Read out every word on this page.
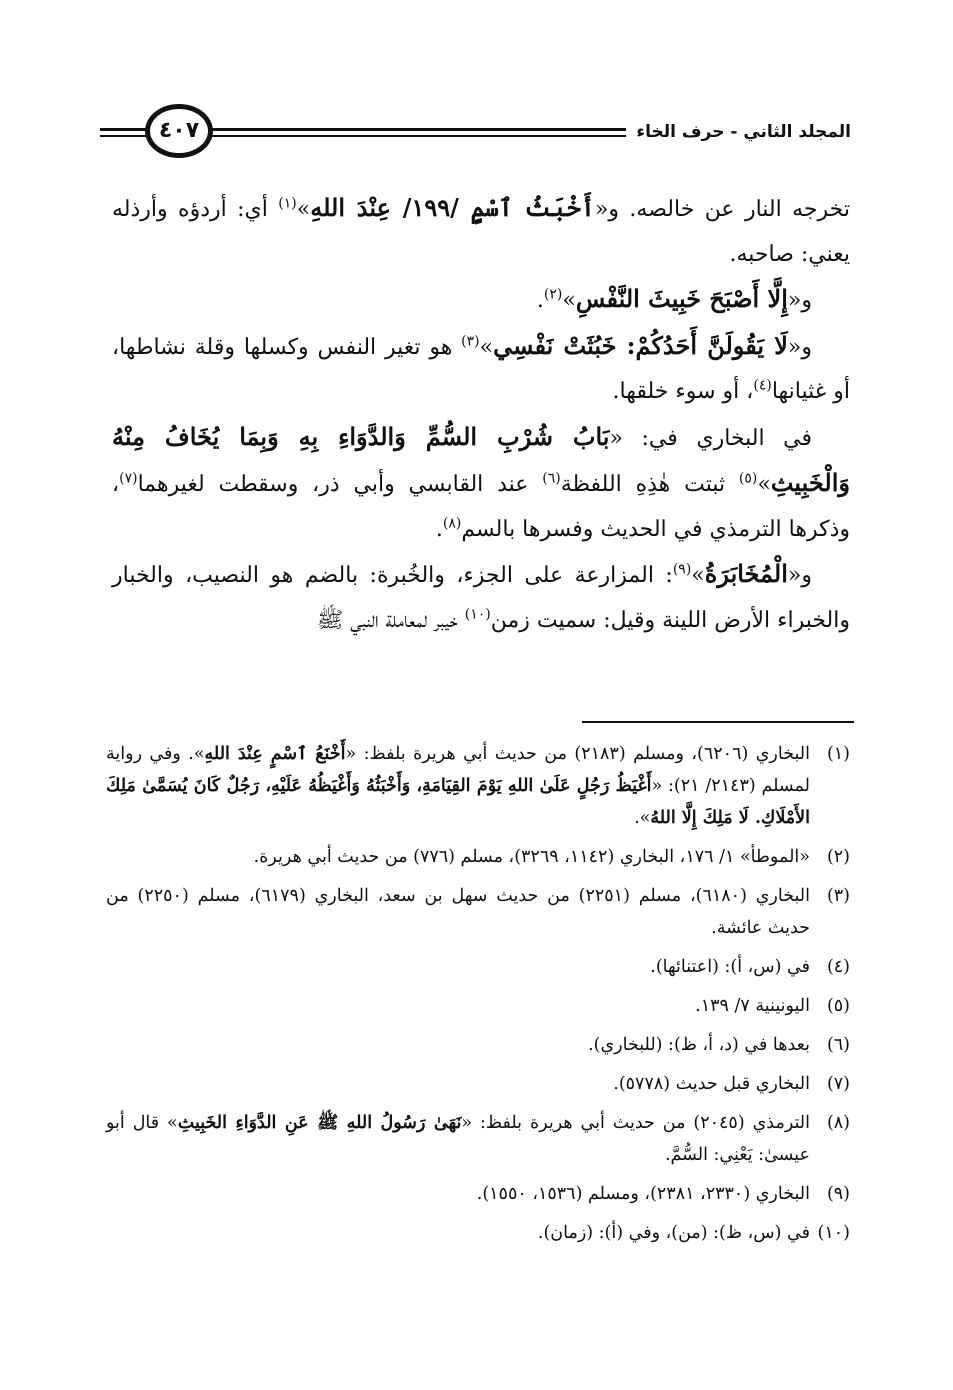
المجلد الثاني - حرف الخاء
٤٠٧

تخرجه النار عن خالصه. و«أَخْبَثُ ٱسْمٍ /١٩٩/ عِنْدَ اللهِ»$^{(١)}$ أي: أردؤه وأرذله يعني: صاحبه.

و«إِلَّا أَصْبَحَ خَبِيثَ النَّفْسِ»$^{(٢)}$.

و«لَا يَقُولَنَّ أَحَدُكُمْ: خَبُثَتْ نَفْسِي»$^{(٣)}$ هو تغير النفس وكسلها وقلة نشاطها، أو غثيانها$^{(٤)}$، أو سوء خلقها.

في البخاري في: «بَابُ شُرْبِ السُّمِّ وَالدَّوَاءِ بِهِ وَبِمَا يُخَافُ مِنْهُ وَالْخَبِيثِ»$^{(٥)}$ ثبتت هٰذِهِ اللفظة$^{(٦)}$ عند القابسي وأبي ذر، وسقطت لغيرهما$^{(٧)}$، وذكرها الترمذي في الحديث وفسرها بالسم$^{(٨)}$.

و«الْمُخَابَرَةُ»$^{(٩)}$: المزارعة على الجزء، والخُبرة: بالضم هو النصيب، والخبار والخبراء الأرض اللينة وقيل: سميت زمن$^{(١٠)}$ خيبر لمعاملة النبي ﷺ

(١)
البخاري (٦٢٠٦)، ومسلم (٢١٨٣) من حديث أبي هريرة بلفظ: «أَخْنَعُ ٱسْمٍ عِنْدَ اللهِ». وفي رواية لمسلم (٢١٤٣/ ٢١): «أَغْيَظُ رَجُلٍ عَلَىٰ اللهِ يَوْمَ القِيَامَةِ، وَأَخْبَثُهُ وَأَغْيَظُهُ عَلَيْهِ، رَجُلٌ كَانَ يُسَمَّىٰ مَلِكَ الأَمْلَاكِ. لَا مَلِكَ إِلَّا اللهُ».
(٢)
«الموطأ» ١/ ١٧٦، البخاري (١١٤٢، ٣٢٦٩)، مسلم (٧٧٦) من حديث أبي هريرة.
(٣)
البخاري (٦١٨٠)، مسلم (٢٢٥١) من حديث سهل بن سعد، البخاري (٦١٧٩)، مسلم (٢٢٥٠) من حديث عائشة.
(٤)
في (س، أ): (اعتنائها).
(٥)
اليونينية ٧/ ١٣٩.
(٦)
بعدها في (د، أ، ظ): (للبخاري).
(٧)
البخاري قبل حديث (٥٧٧٨).
(٨)
الترمذي (٢٠٤٥) من حديث أبي هريرة بلفظ: «نَهَىٰ رَسُولُ اللهِ ﷺ عَنِ الدَّوَاءِ الخَبِيثِ» قال أبو عيسىٰ: يَعْنِي: السُّمَّ.
(٩)
البخاري (٢٣٣٠، ٢٣٨١)، ومسلم (١٥٣٦، ١٥٥٠).
(١٠)
في (س، ظ): (من)، وفي (أ): (زمان).
